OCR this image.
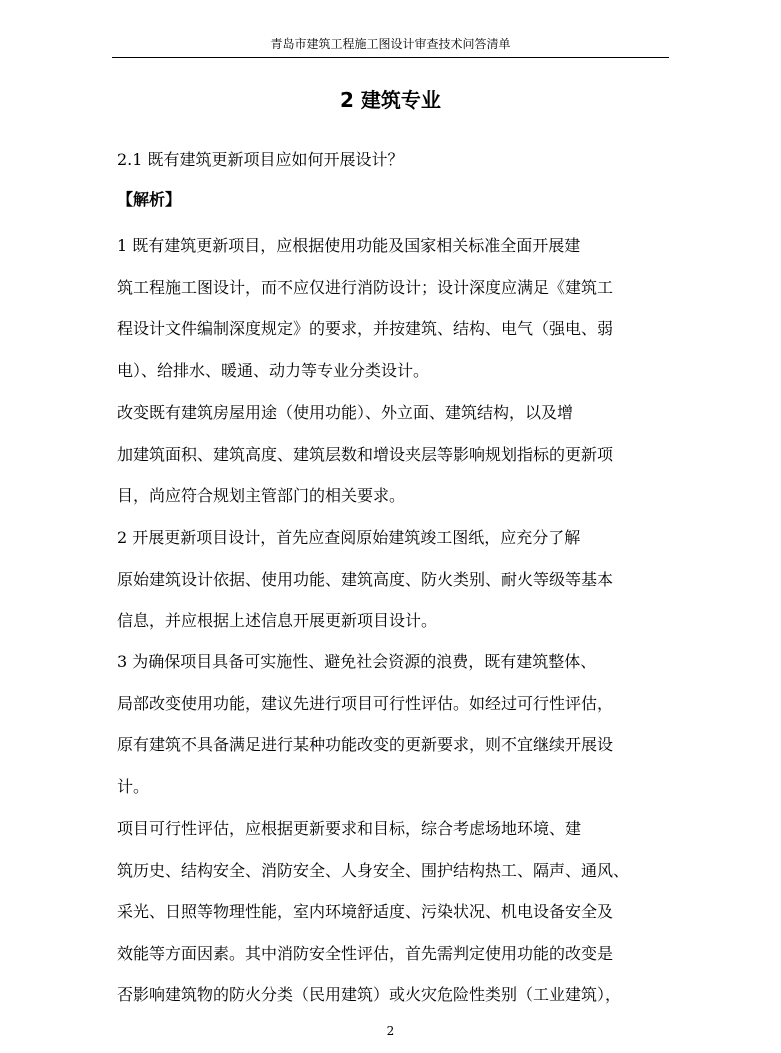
青岛市建筑工程施工图设计审查技术问答清单
2 建筑专业
2.1 既有建筑更新项目应如何开展设计？
【解析】
1 既有建筑更新项目，应根据使用功能及国家相关标准全面开展建
筑工程施工图设计，而不应仅进行消防设计；设计深度应满足《建筑工
程设计文件编制深度规定》的要求，并按建筑、结构、电气（强电、弱
电）、给排水、暖通、动力等专业分类设计。
改变既有建筑房屋用途（使用功能）、外立面、建筑结构，以及增
加建筑面积、建筑高度、建筑层数和增设夹层等影响规划指标的更新项
目，尚应符合规划主管部门的相关要求。
2 开展更新项目设计，首先应查阅原始建筑竣工图纸，应充分了解
原始建筑设计依据、使用功能、建筑高度、防火类别、耐火等级等基本
信息，并应根据上述信息开展更新项目设计。
3 为确保项目具备可实施性、避免社会资源的浪费，既有建筑整体、
局部改变使用功能，建议先进行项目可行性评估。如经过可行性评估，
原有建筑不具备满足进行某种功能改变的更新要求，则不宜继续开展设
计。
项目可行性评估，应根据更新要求和目标，综合考虑场地环境、建
筑历史、结构安全、消防安全、人身安全、围护结构热工、隔声、通风、
采光、日照等物理性能，室内环境舒适度、污染状况、机电设备安全及
效能等方面因素。其中消防安全性评估，首先需判定使用功能的改变是
否影响建筑物的防火分类（民用建筑）或火灾危险性类别（工业建筑），
2
